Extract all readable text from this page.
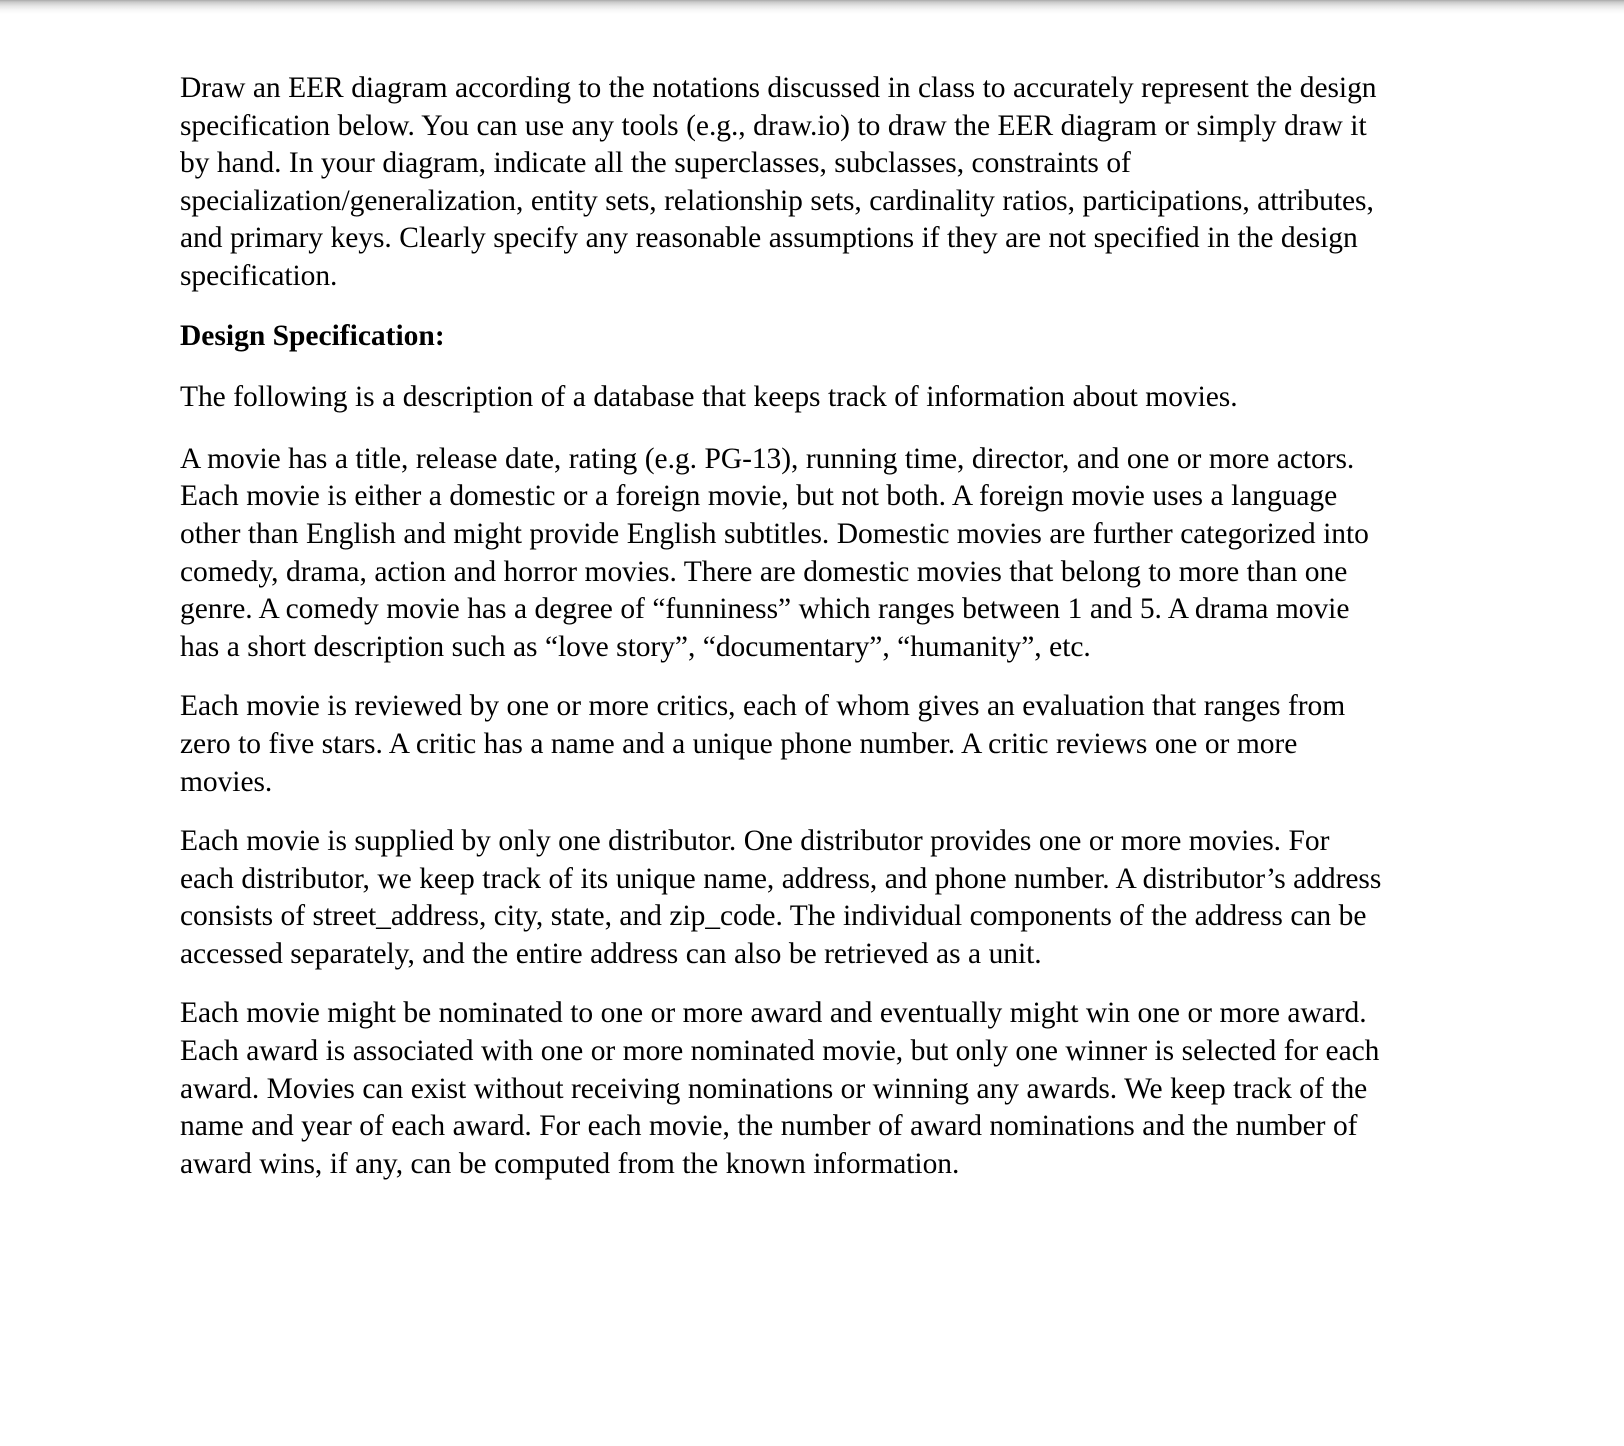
Draw an EER diagram according to the notations discussed in class to accurately represent the design specification below. You can use any tools (e.g., draw.io) to draw the EER diagram or simply draw it by hand. In your diagram, indicate all the superclasses, subclasses, constraints of specialization/generalization, entity sets, relationship sets, cardinality ratios, participations, attributes, and primary keys. Clearly specify any reasonable assumptions if they are not specified in the design specification.

Design Specification:

The following is a description of a database that keeps track of information about movies.

A movie has a title, release date, rating (e.g. PG-13), running time, director, and one or more actors. Each movie is either a domestic or a foreign movie, but not both. A foreign movie uses a language other than English and might provide English subtitles. Domestic movies are further categorized into comedy, drama, action and horror movies. There are domestic movies that belong to more than one genre. A comedy movie has a degree of “funniness” which ranges between 1 and 5. A drama movie has a short description such as “love story”, “documentary”, “humanity”, etc.

Each movie is reviewed by one or more critics, each of whom gives an evaluation that ranges from zero to five stars. A critic has a name and a unique phone number. A critic reviews one or more movies.

Each movie is supplied by only one distributor. One distributor provides one or more movies. For each distributor, we keep track of its unique name, address, and phone number. A distributor’s address consists of street_address, city, state, and zip_code. The individual components of the address can be accessed separately, and the entire address can also be retrieved as a unit.

Each movie might be nominated to one or more award and eventually might win one or more award. Each award is associated with one or more nominated movie, but only one winner is selected for each award. Movies can exist without receiving nominations or winning any awards. We keep track of the name and year of each award. For each movie, the number of award nominations and the number of award wins, if any, can be computed from the known information.
